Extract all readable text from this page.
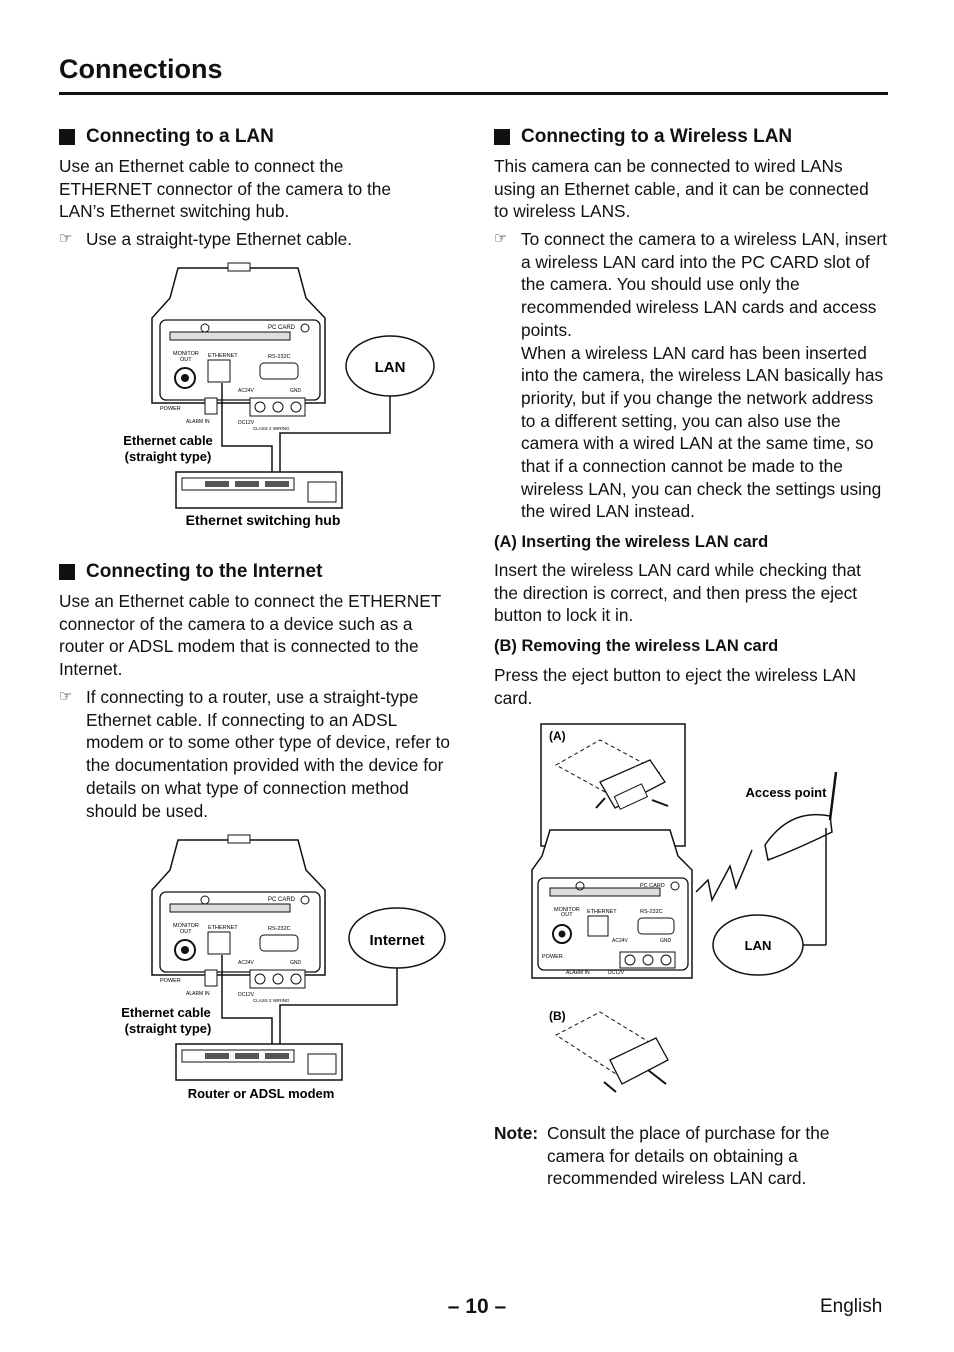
Connections
Connecting to a LAN
Use an Ethernet cable to connect the ETHERNET connector of the camera to the LAN’s Ethernet switching hub.
☞ Use a straight-type Ethernet cable.
PC CARD
MONITOR
OUT
ETHERNET	RS-232C
POWER
AC24V	GND
ALARM IN	DC12V
CLASS 2 WIRING
LAN
Ethernet cable
(straight type)
Ethernet switching hub
Connecting to the Internet
Use an Ethernet cable to connect the ETHERNET connector of the camera to a device such as a router or ADSL modem that is connected to the Internet.
☞ If connecting to a router, use a straight-type Ethernet cable. If connecting to an ADSL modem or to some other type of device, refer to the documentation provided with the device for details on what type of connection method should be used.
PC CARD
MONITOR
OUT
ETHERNET	RS-232C
POWER
AC24V	GND
ALARM IN	DC12V
CLASS 2 WIRING
Internet
Ethernet cable
(straight type)
Router or ADSL modem
Connecting to a Wireless LAN
This camera can be connected to wired LANs using an Ethernet cable, and it can be connected to wireless LANS.
☞ To connect the camera to a wireless LAN, insert a wireless LAN card into the PC CARD slot of the camera. You should use only the recommended wireless LAN cards and access points.
When a wireless LAN card has been inserted into the camera, the wireless LAN basically has priority, but if you change the network address to a different setting, you can also use the camera with a wired LAN at the same time, so that if a connection cannot be made to the wireless LAN, you can check the settings using the wired LAN instead.
(A) Inserting the wireless LAN card
Insert the wireless LAN card while checking that the direction is correct, and then press the eject button to lock it in.
(B) Removing the wireless LAN card
Press the eject button to eject the wireless LAN card.
(A)
PC CARD
MONITOR
OUT	ETHERNET	RS-232C
POWER
AC24V	GND
ALARM IN	DC12V
Access point
LAN
(B)
Note: Consult the place of purchase for the camera for details on obtaining a recommended wireless LAN card.
– 10 –	English
